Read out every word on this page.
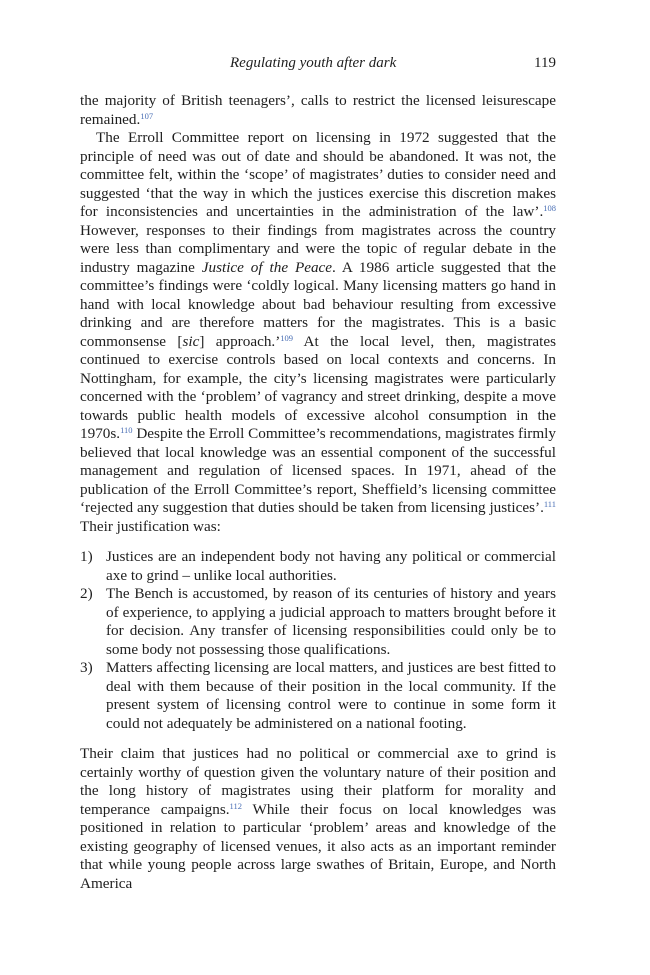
Regulating youth after dark	119

the majority of British teenagers’, calls to restrict the licensed leisurescape remained.$^{107}$

The Erroll Committee report on licensing in 1972 suggested that the principle of need was out of date and should be abandoned. It was not, the committee felt, within the ‘scope’ of magistrates’ duties to consider need and suggested ‘that the way in which the justices exercise this discretion makes for inconsistencies and uncertainties in the administration of the law’.$^{108}$ However, responses to their findings from magistrates across the country were less than complimentary and were the topic of regular debate in the industry magazine Justice of the Peace. A 1986 article suggested that the committee’s findings were ‘coldly logical. Many licensing matters go hand in hand with local knowledge about bad behaviour resulting from excessive drinking and are therefore matters for the magistrates. This is a basic commonsense [sic] approach.’$^{109}$ At the local level, then, magistrates continued to exercise controls based on local contexts and concerns. In Nottingham, for example, the city’s licensing magistrates were particularly concerned with the ‘problem’ of vagrancy and street drinking, despite a move towards public health models of excessive alcohol consumption in the 1970s.$^{110}$ Despite the Erroll Committee’s recommendations, magistrates firmly believed that local knowledge was an essential component of the successful management and regulation of licensed spaces. In 1971, ahead of the publication of the Erroll Committee’s report, Sheffield’s licensing committee ‘rejected any suggestion that duties should be taken from licensing justices’.$^{111}$ Their justification was:

1) Justices are an independent body not having any political or commercial axe to grind – unlike local authorities.
2) The Bench is accustomed, by reason of its centuries of history and years of experience, to applying a judicial approach to matters brought before it for decision. Any transfer of licensing responsibilities could only be to some body not possessing those qualifications.
3) Matters affecting licensing are local matters, and justices are best fitted to deal with them because of their position in the local community. If the present system of licensing control were to continue in some form it could not adequately be administered on a national footing.

Their claim that justices had no political or commercial axe to grind is certainly worthy of question given the voluntary nature of their position and the long history of magistrates using their platform for morality and temperance campaigns.$^{112}$ While their focus on local knowledges was positioned in relation to particular ‘problem’ areas and knowledge of the existing geography of licensed venues, it also acts as an important reminder that while young people across large swathes of Britain, Europe, and North America
